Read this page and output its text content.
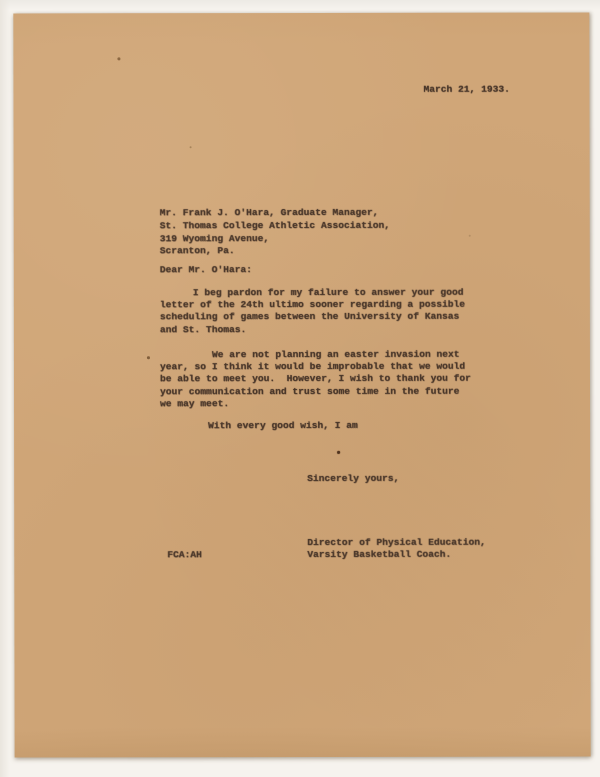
March 21, 1933.
Mr. Frank J. O'Hara, Graduate Manager,
St. Thomas College Athletic Association,
319 Wyoming Avenue,
Scranton, Pa.
Dear Mr. O'Hara:
I beg pardon for my failure to answer your good
letter of the 24th ultimo sooner regarding a possible
scheduling of games between the University of Kansas
and St. Thomas.
We are not planning an easter invasion next
year, so I think it would be improbable that we would
be able to meet you.  However, I wish to thank you for
your communication and trust some time in the future
we may meet.
With every good wish, I am
Sincerely yours,
Director of Physical Education,
Varsity Basketball Coach.
FCA:AH
